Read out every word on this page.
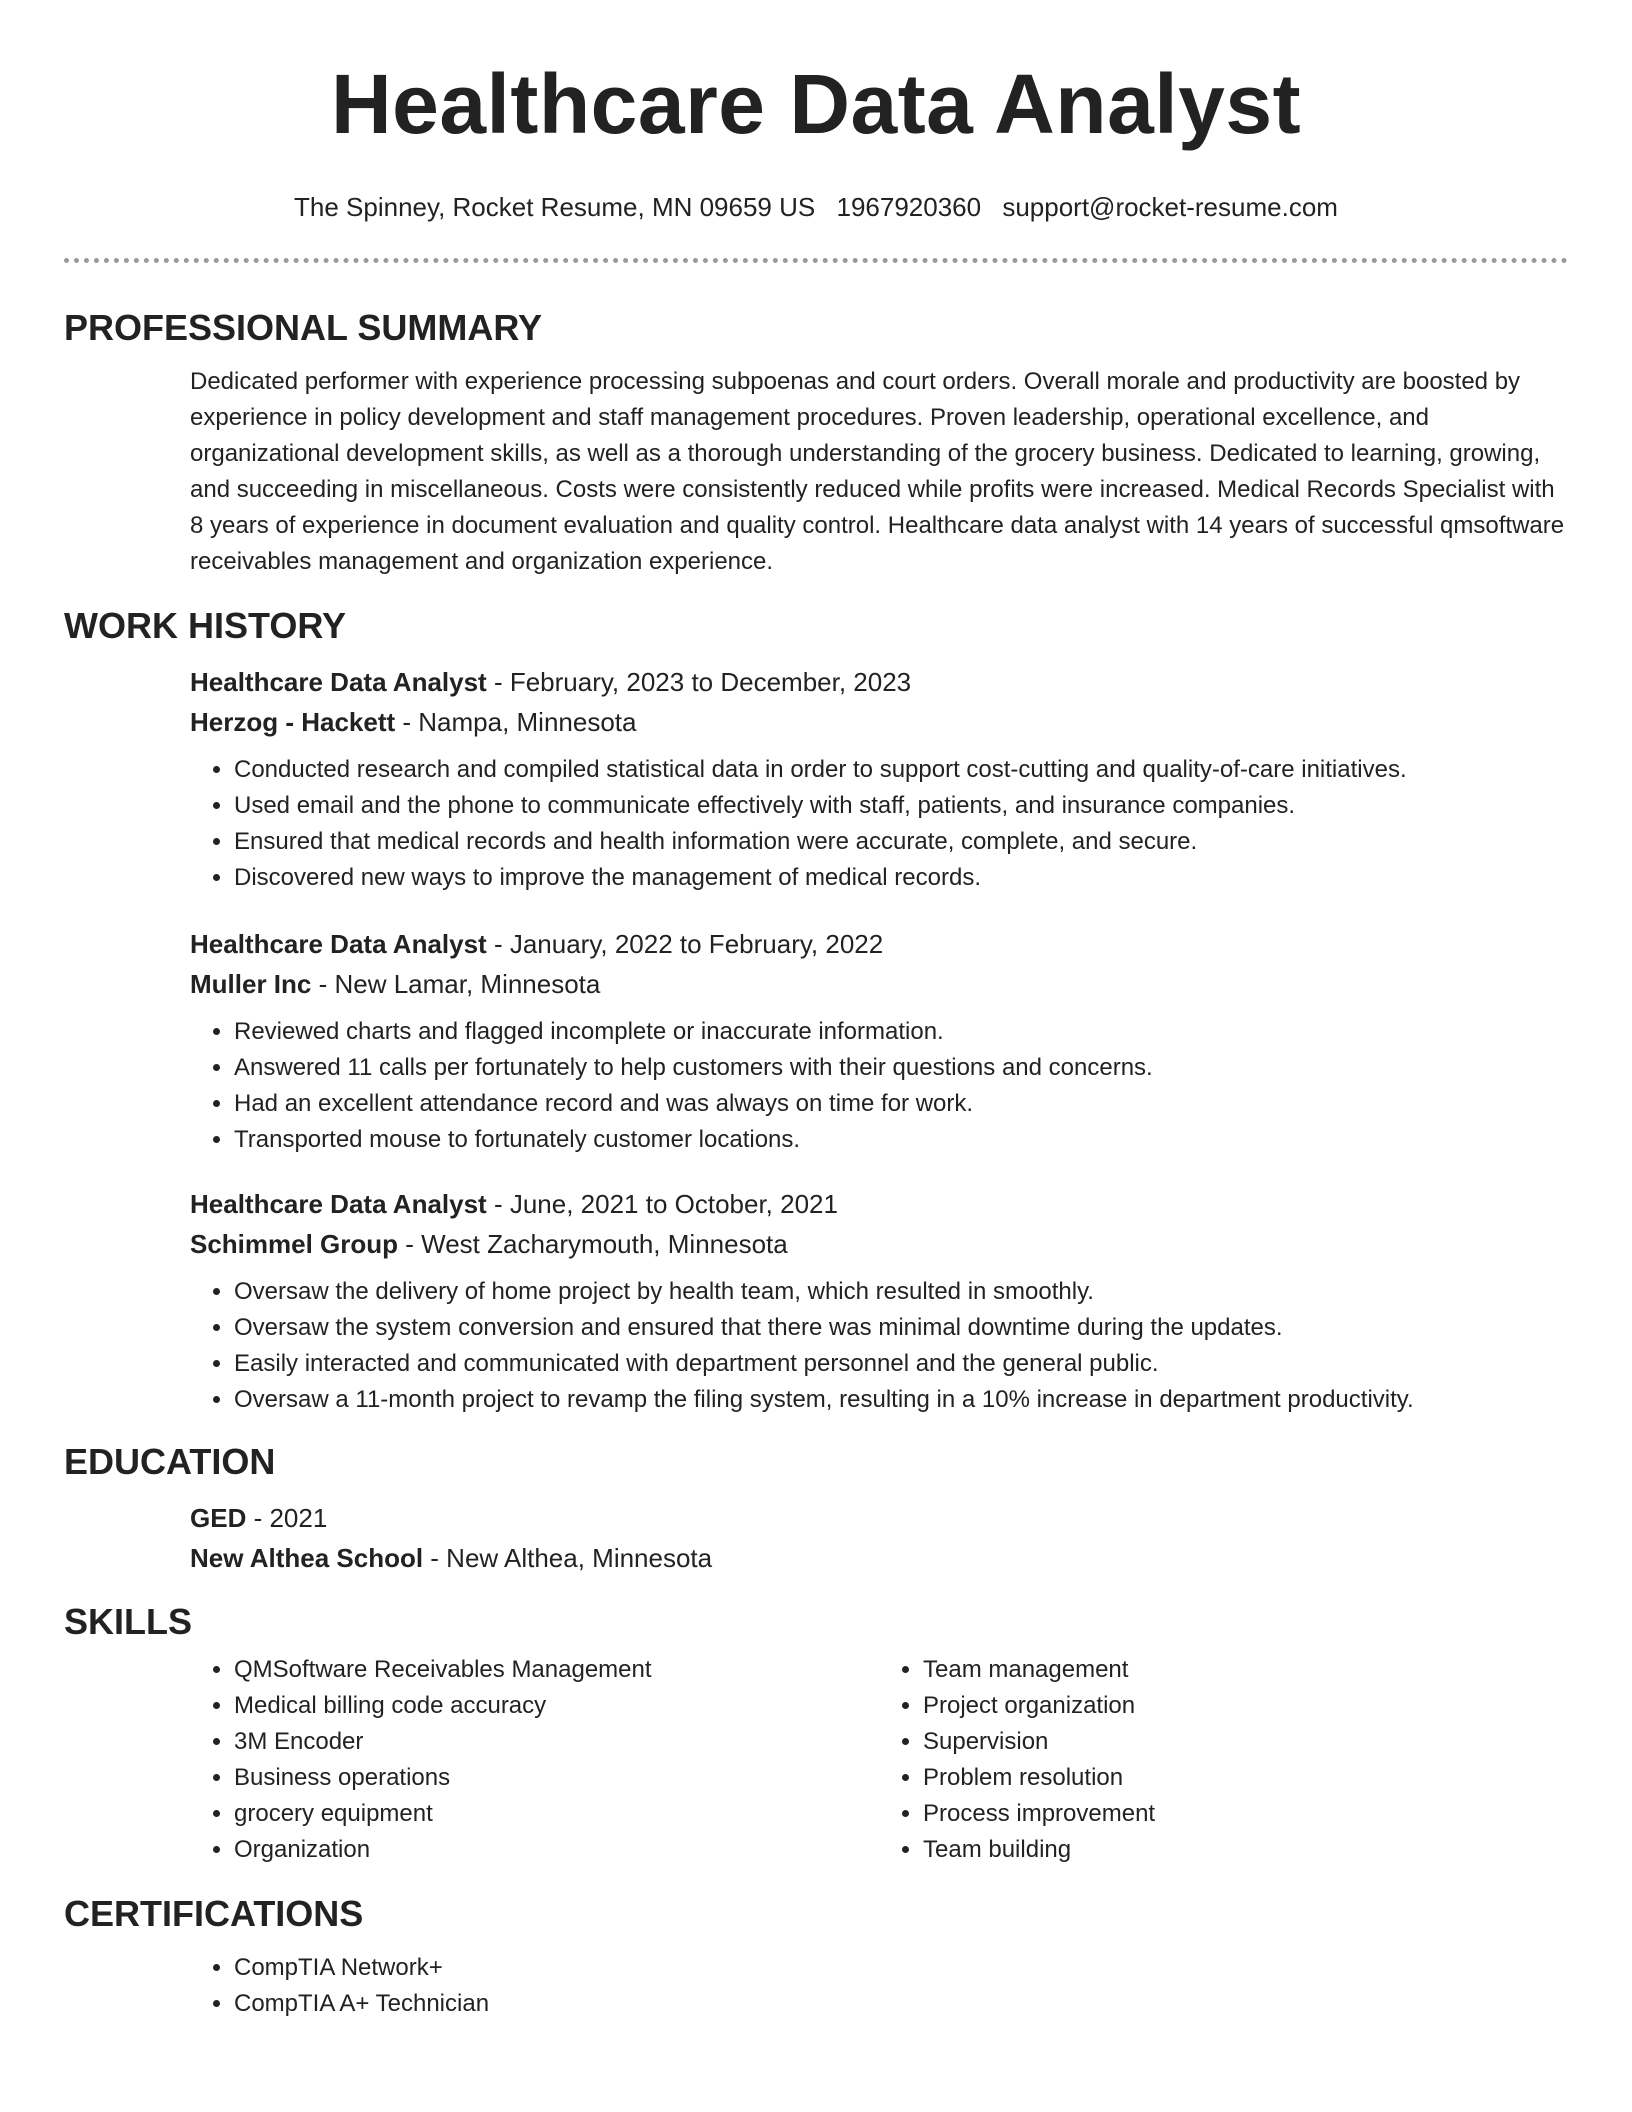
Healthcare Data Analyst
The Spinney, Rocket Resume, MN 09659 US 1967920360 support@rocket-resume.com
PROFESSIONAL SUMMARY

Dedicated performer with experience processing subpoenas and court orders. Overall morale and productivity are boosted by experience in policy development and staff management procedures. Proven leadership, operational excellence, and organizational development skills, as well as a thorough understanding of the grocery business. Dedicated to learning, growing, and succeeding in miscellaneous. Costs were consistently reduced while profits were increased. Medical Records Specialist with 8 years of experience in document evaluation and quality control. Healthcare data analyst with 14 years of successful qmsoftware receivables management and organization experience.

WORK HISTORY

Healthcare Data Analyst - February, 2023 to December, 2023

Herzog - Hackett - Nampa, Minnesota

• Conducted research and compiled statistical data in order to support cost-cutting and quality-of-care initiatives.
• Used email and the phone to communicate effectively with staff, patients, and insurance companies.
• Ensured that medical records and health information were accurate, complete, and secure.
• Discovered new ways to improve the management of medical records.

Healthcare Data Analyst - January, 2022 to February, 2022

Muller Inc - New Lamar, Minnesota

• Reviewed charts and flagged incomplete or inaccurate information.
• Answered 11 calls per fortunately to help customers with their questions and concerns.
• Had an excellent attendance record and was always on time for work.
• Transported mouse to fortunately customer locations.

Healthcare Data Analyst - June, 2021 to October, 2021

Schimmel Group - West Zacharymouth, Minnesota

• Oversaw the delivery of home project by health team, which resulted in smoothly.
• Oversaw the system conversion and ensured that there was minimal downtime during the updates.
• Easily interacted and communicated with department personnel and the general public.
• Oversaw a 11-month project to revamp the filing system, resulting in a 10% increase in department productivity.
EDUCATION

GED - 2021

New Althea School - New Althea, Minnesota

SKILLS
• QMSoftware Receivables Management
• Medical billing code accuracy
• 3M Encoder
• Business operations
• grocery equipment
• Organization
• Team management
• Project organization
• Supervision
• Problem resolution
• Process improvement
• Team building
CERTIFICATIONS
• CompTIA Network+
• CompTIA A+ Technician
